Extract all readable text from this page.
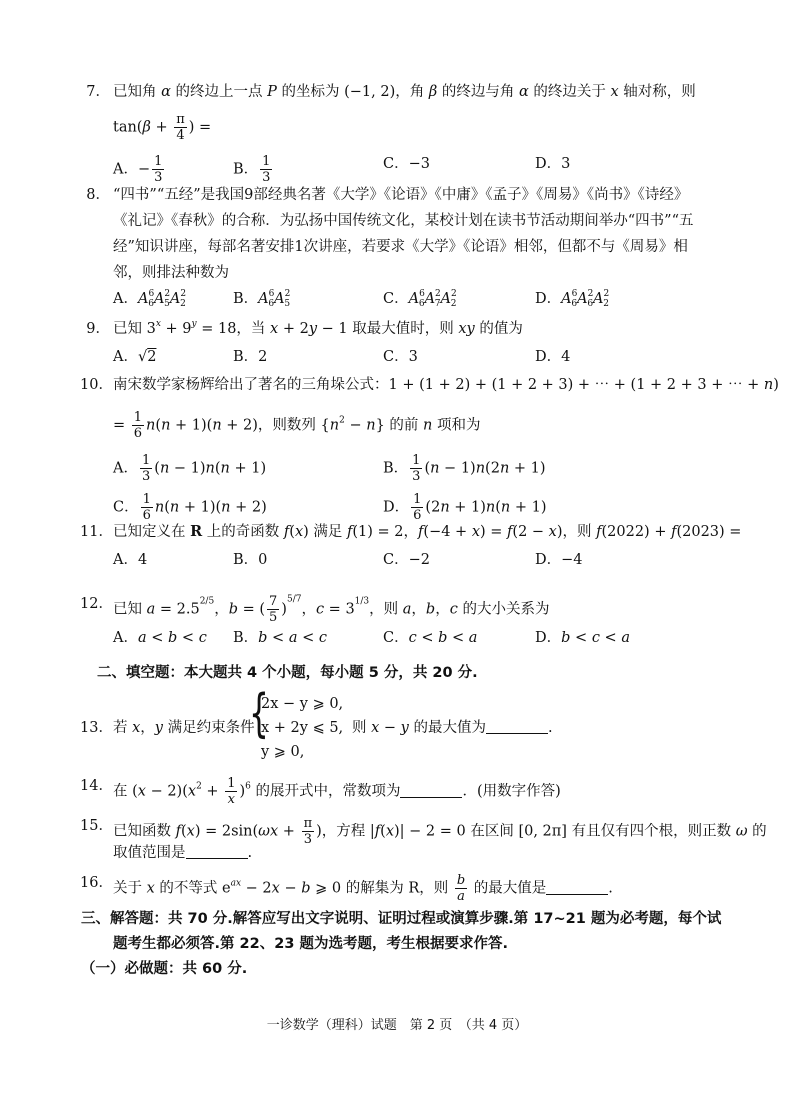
7． 已知角 α 的终边上一点 P 的坐标为 (−1, 2)，角 β 的终边与角 α 的终边关于 x 轴对称，则
$\tan(\beta + \frac{\pi}{4}$ ) =
A．− $\frac{1}{3}$	B． $\frac{1}{3}$	C．−3	D．3
8． “四书”“五经”是我国9部经典名著《大学》《论语》《中庸》《孟子》《周易》《尚书》《诗经》
《礼记》《春秋》的合称．为弘扬中国传统文化，某校计划在读书节活动期间举办“四书”“五
经”知识讲座，每部名著安排1次讲座，若要求《大学》《论语》相邻，但都不与《周易》相
邻，则排法种数为
A．$A^6_6A^2_5A^2_2$	B．$A^6_6A^2_5$	C．$A^6_6A^2_7A^2_2$	D．$A^6_6A^2_6A^2_2$
9． 已知 $3^x + 9^y = 18$，当 x + 2y − 1 取最大值时，则 xy 的值为
A．√2	B．2	C．3	D．4
10． 南宋数学家杨辉给出了著名的三角垛公式：1 + (1 + 2) + (1 + 2 + 3) + ⋯ + (1 + 2 + 3 + ⋯ + n)
= $\frac{1}{6} n(n + 1)(n + 2)$，则数列 $\{n^2 - n\}$ 的前 n 项和为
A． $\frac{1}{3} (n - 1)n(n + 1)$	B． $\frac{1}{3} (n - 1)n(2n + 1)$
C． $\frac{1}{6} n(n + 1)(n + 2)$	D． $\frac{1}{6} (2n + 1)n(n + 1)$
11． 已知定义在 R 上的奇函数 f(x) 满足 f(1) = 2，f(−4 + x) = f(2 − x)，则 f(2022) + f(2023) =
A．4	B．0	C．−2	D．−4
12． 已知 $a = 2.5^{2/5}$，b = ( $\frac{7}{5} )^{5/7}$，$c = 3^{1/3}$，则 a，b，c 的大小关系为
A．a < b < c B．b < a < c	C．c < b < a	D．b < c < a
二、填空题：本大题共 4 个小题，每小题 5 分，共 20 分.
2x − y ⩾ 0,
{
13． 若 x，y 满足约束条件 x + 2y ⩽ 5, 则 x − y 的最大值为	.
y ⩾ 0,
14． 在 $(x - 2)(x^2 + \frac{1}{x} )^6$ 的展开式中，常数项为	．(用数字作答)
15． 已知函数 $f(x) = 2\sin(\omega x + \frac{\pi}{3}$ )，方程 |f(x)| − 2 = 0 在区间 [0, 2π] 有且仅有四个根，则正数 ω 的
取值范围是	.
16． 关于 x 的不等式 $e^{ax} - 2x - b$ ⩾ 0 的解集为 R，则 $\frac{b}{a}$ 的最大值是	.
三、解答题：共 70 分.解答应写出文字说明、证明过程或演算步骤.第 17~21 题为必考题，每个试
题考生都必须答.第 22、23 题为选考题，考生根据要求作答.
（一）必做题：共 60 分.
一诊数学（理科）试题　第 2 页　（共 4 页）
